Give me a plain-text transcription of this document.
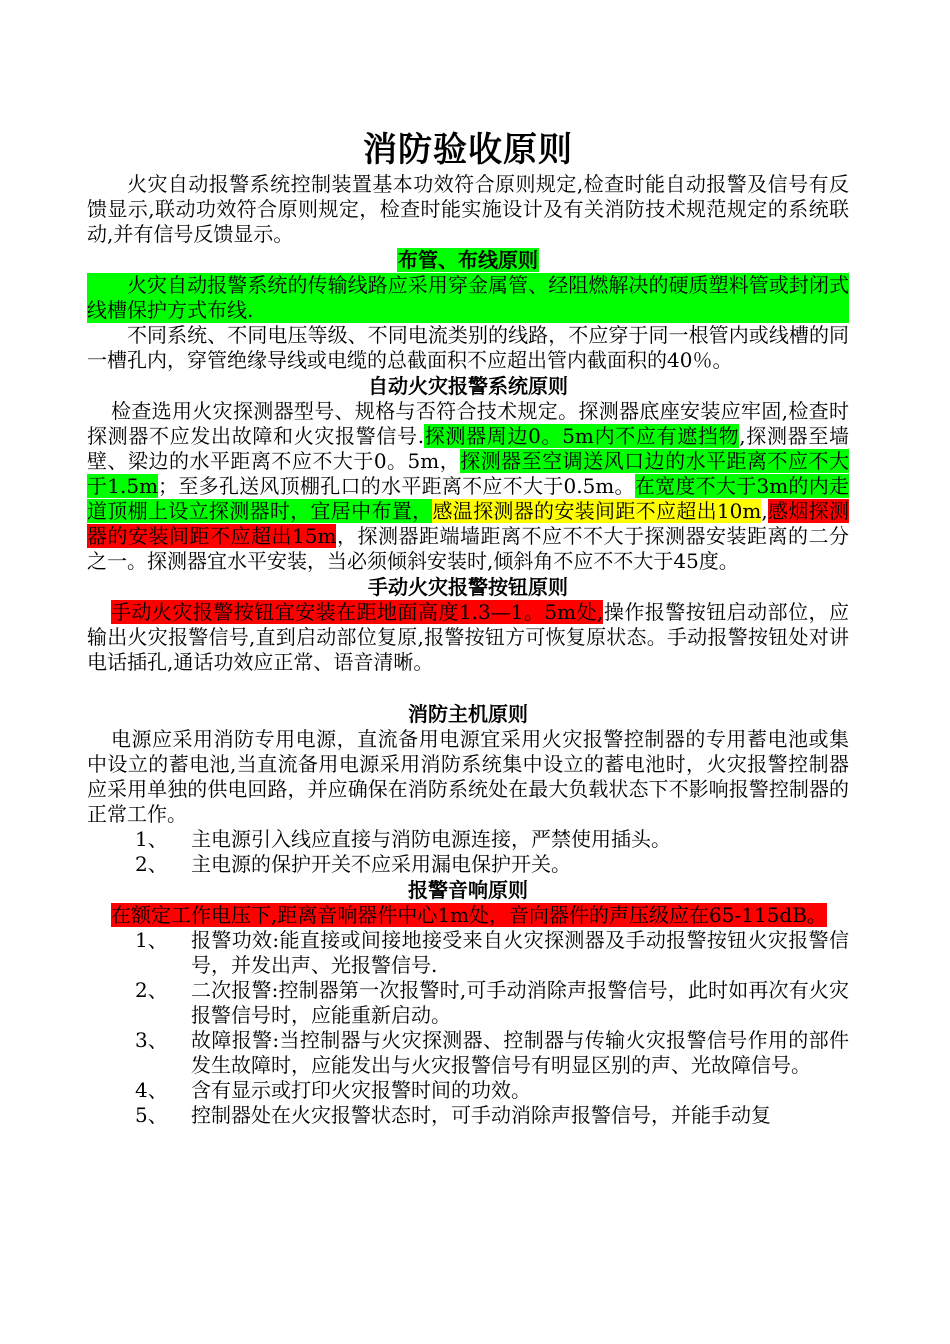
消防验收原则

火灾自动报警系统控制装置基本功效符合原则规定,检查时能自动报警及信号有反馈显示,联动功效符合原则规定，检查时能实施设计及有关消防技术规范规定的系统联动,并有信号反馈显示。

布管、布线原则

火灾自动报警系统的传输线路应采用穿金属管、经阻燃解决的硬质塑料管或封闭式线槽保护方式布线.

不同系统、不同电压等级、不同电流类别的线路，不应穿于同一根管内或线槽的同一槽孔内，穿管绝缘导线或电缆的总截面积不应超出管内截面积的40％。

自动火灾报警系统原则

检查选用火灾探测器型号、规格与否符合技术规定。探测器底座安装应牢固,检查时探测器不应发出故障和火灾报警信号.探测器周边0。5m内不应有遮挡物,探测器至墙壁、梁边的水平距离不应不大于0。5m，探测器至空调送风口边的水平距离不应不大于1.5m；至多孔送风顶棚孔口的水平距离不应不大于0.5m。在宽度不大于3m的内走道顶棚上设立探测器时，宜居中布置，感温探测器的安装间距不应超出10m,感烟探测器的安装间距不应超出15m，探测器距端墙距离不应不不大于探测器安装距离的二分之一。探测器宜水平安装，当必须倾斜安装时,倾斜角不应不不大于45度。

手动火灾报警按钮原则

手动火灾报警按钮宜安装在距地面高度1.3—1。5m处,操作报警按钮启动部位，应输出火灾报警信号,直到启动部位复原,报警按钮方可恢复原状态。手动报警按钮处对讲电话插孔,通话功效应正常、语音清晰。

消防主机原则

电源应采用消防专用电源，直流备用电源宜采用火灾报警控制器的专用蓄电池或集中设立的蓄电池,当直流备用电源采用消防系统集中设立的蓄电池时，火灾报警控制器应采用单独的供电回路，并应确保在消防系统处在最大负载状态下不影响报警控制器的正常工作。

1、	主电源引入线应直接与消防电源连接，严禁使用插头。
2、	主电源的保护开关不应采用漏电保护开关。
报警音响原则

在额定工作电压下,距离音响器件中心1m处，音向器件的声压级应在65-115dB。

1、	报警功效:能直接或间接地接受来自火灾探测器及手动报警按钮火灾报警信号，并发出声、光报警信号.
2、	二次报警:控制器第一次报警时,可手动消除声报警信号，此时如再次有火灾报警信号时，应能重新启动。
3、	故障报警:当控制器与火灾探测器、控制器与传输火灾报警信号作用的部件发生故障时，应能发出与火灾报警信号有明显区别的声、光故障信号。
4、	含有显示或打印火灾报警时间的功效。
5、	控制器处在火灾报警状态时，可手动消除声报警信号，并能手动复
